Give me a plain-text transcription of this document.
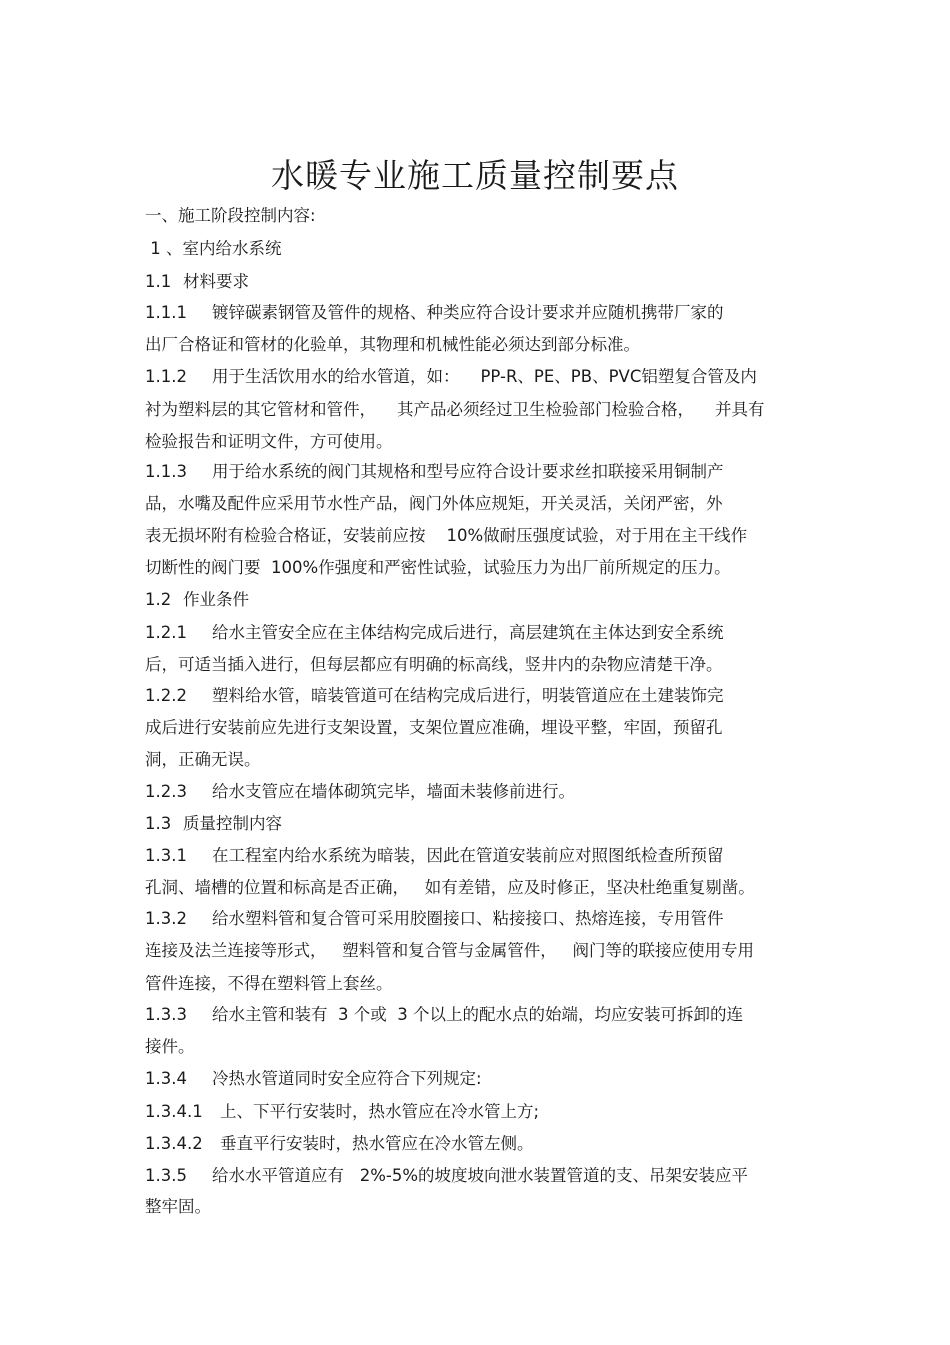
水暖专业施工质量控制要点
一、施工阶段控制内容:
1 、室内给水系统
1.1 材料要求
1.1.1 镀锌碳素钢管及管件的规格、种类应符合设计要求并应随机携带厂家的
出厂合格证和管材的化验单，其物理和机械性能必须达到部分标准。
1.1.2 用于生活饮用水的给水管道，如：    PP-R、PE、PB、PVC铝塑复合管及内
衬为塑料层的其它管材和管件，    其产品必须经过卫生检验部门检验合格，    并具有
检验报告和证明文件，方可使用。
1.1.3 用于给水系统的阀门其规格和型号应符合设计要求丝扣联接采用铜制产
品，水嘴及配件应采用节水性产品，阀门外体应规矩，开关灵活，关闭严密，外
表无损坏附有检验合格证，安装前应按    10%做耐压强度试验，对于用在主干线作
切断性的阀门要  100%作强度和严密性试验，试验压力为出厂前所规定的压力。
1.2 作业条件
1.2.1 给水主管安全应在主体结构完成后进行，高层建筑在主体达到安全系统
后，可适当插入进行，但每层都应有明确的标高线，竖井内的杂物应清楚干净。
1.2.2 塑料给水管，暗装管道可在结构完成后进行，明装管道应在土建装饰完
成后进行安装前应先进行支架设置，支架位置应准确，埋设平整，牢固，预留孔
洞，正确无误。
1.2.3 给水支管应在墙体砌筑完毕，墙面未装修前进行。
1.3 质量控制内容
1.3.1 在工程室内给水系统为暗装，因此在管道安装前应对照图纸检查所预留
孔洞、墙槽的位置和标高是否正确，   如有差错，应及时修正，坚决杜绝重复剔凿。
1.3.2 给水塑料管和复合管可采用胶圈接口、粘接接口、热熔连接，专用管件
连接及法兰连接等形式，   塑料管和复合管与金属管件，   阀门等的联接应使用专用
管件连接，不得在塑料管上套丝。
1.3.3 给水主管和装有  3 个或  3 个以上的配水点的始端，均应安装可拆卸的连
接件。
1.3.4 冷热水管道同时安全应符合下列规定:
1.3.4.1 上、下平行安装时，热水管应在冷水管上方;
1.3.4.2 垂直平行安装时，热水管应在冷水管左侧。
1.3.5 给水水平管道应有   2%-5%的坡度坡向泄水装置管道的支、吊架安装应平
整牢固。
